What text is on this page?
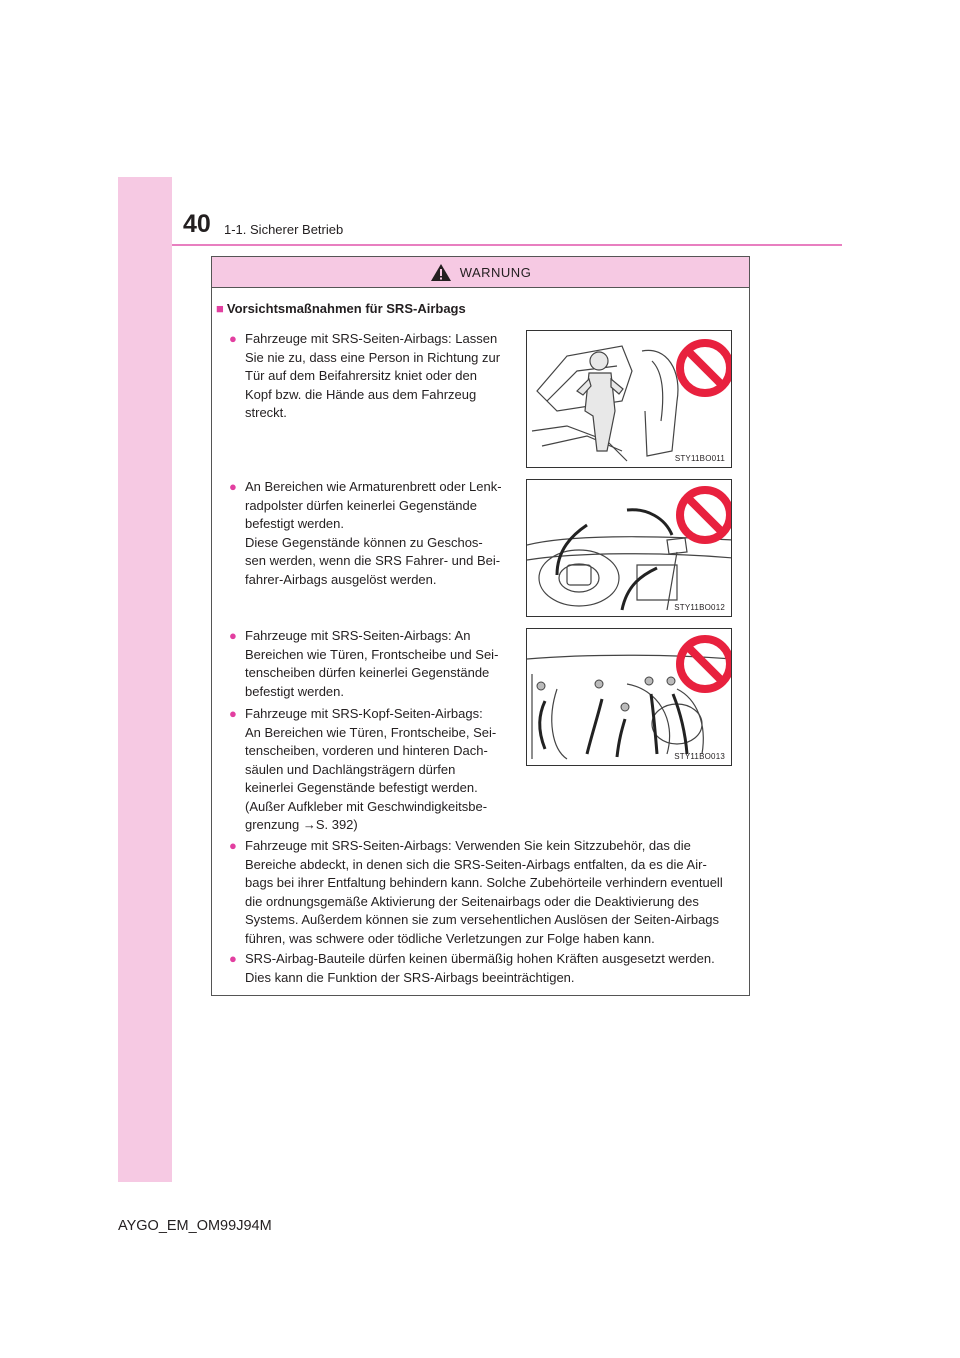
40 1-1. Sicherer Betrieb
WARNUNG
■ Vorsichtsmaßnahmen für SRS-Airbags
● Fahrzeuge mit SRS-Seiten-Airbags: Lassen
Sie nie zu, dass eine Person in Richtung zur
Tür auf dem Beifahrersitz kniet oder den
Kopf bzw. die Hände aus dem Fahrzeug
streckt.
● An Bereichen wie Armaturenbrett oder Lenk-
radpolster dürfen keinerlei Gegenstände
befestigt werden.
Diese Gegenstände können zu Geschos-
sen werden, wenn die SRS Fahrer- und Bei-
fahrer-Airbags ausgelöst werden.
● Fahrzeuge mit SRS-Seiten-Airbags: An
Bereichen wie Türen, Frontscheibe und Sei-
tenscheiben dürfen keinerlei Gegenstände
befestigt werden.
● Fahrzeuge mit SRS-Kopf-Seiten-Airbags:
An Bereichen wie Türen, Frontscheibe, Sei-
tenscheiben, vorderen und hinteren Dach-
säulen und Dachlängsträgern dürfen
keinerlei Gegenstände befestigt werden.
(Außer Aufkleber mit Geschwindigkeitsbe-
grenzung →S. 392)
● Fahrzeuge mit SRS-Seiten-Airbags: Verwenden Sie kein Sitzzubehör, das die
Bereiche abdeckt, in denen sich die SRS-Seiten-Airbags entfalten, da es die Air-
bags bei ihrer Entfaltung behindern kann. Solche Zubehörteile verhindern eventuell
die ordnungsgemäße Aktivierung der Seitenairbags oder die Deaktivierung des
Systems. Außerdem können sie zum versehentlichen Auslösen der Seiten-Airbags
führen, was schwere oder tödliche Verletzungen zur Folge haben kann.
● SRS-Airbag-Bauteile dürfen keinen übermäßig hohen Kräften ausgesetzt werden.
Dies kann die Funktion der SRS-Airbags beeinträchtigen.
STY11BO011
STY11BO012
STY11BO013
AYGO_EM_OM99J94M
